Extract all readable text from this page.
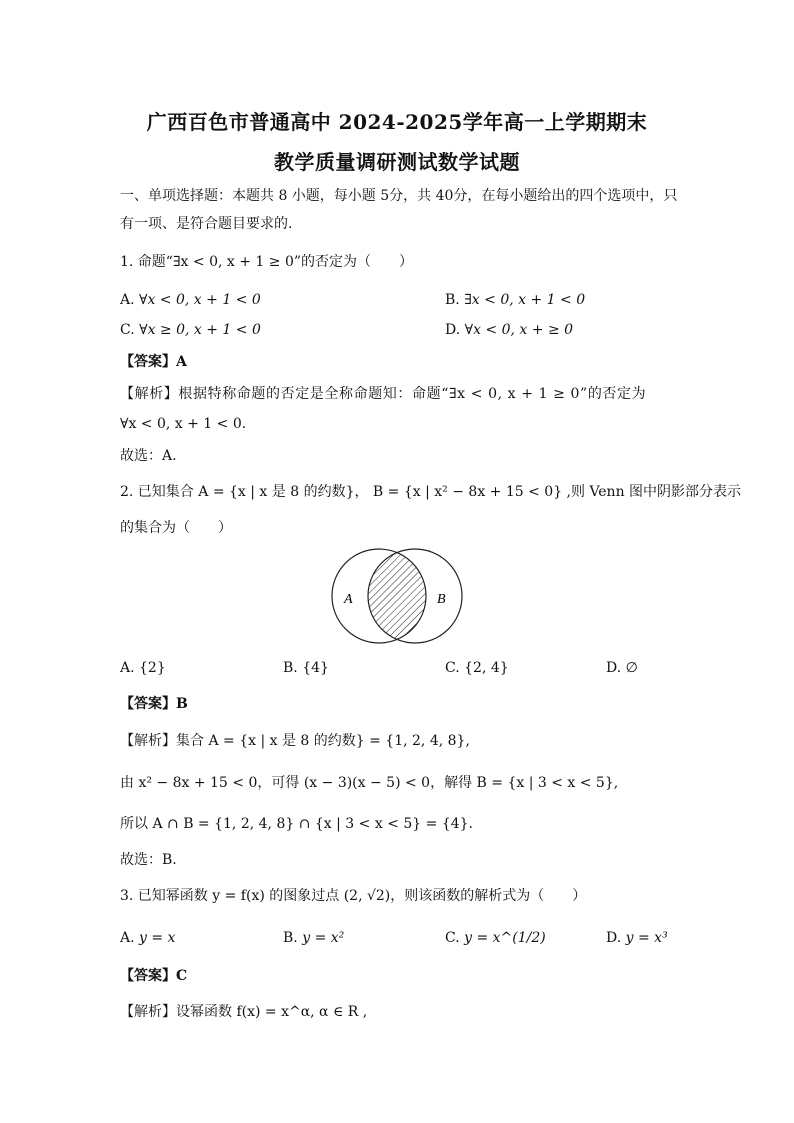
广西百色市普通高中 2024-2025学年高一上学期期末
教学质量调研测试数学试题
一、单项选择题：本题共 8 小题，每小题 5分，共 40分，在每小题给出的四个选项中，只
有一项、是符合题目要求的.
1. 命题“∃x < 0, x + 1 ≥ 0”的否定为（　　）
A. ∀x < 0, x + 1 < 0	B. ∃x < 0, x + 1 < 0
C. ∀x ≥ 0, x + 1 < 0	D. ∀x < 0, x + ≥ 0
【答案】A
【解析】根据特称命题的否定是全称命题知：命题“∃x < 0, x + 1 ≥ 0”的否定为
∀x < 0, x + 1 < 0.
故选：A.
2. 已知集合 A = {x | x 是 8 的约数}， B = {x | x² − 8x + 15 < 0} ,则 Venn 图中阴影部分表示
的集合为（　　）
A	B
A. {2}	B. {4}	C. {2, 4}	D. ∅
【答案】B
【解析】集合 A = {x | x 是 8 的约数} = {1, 2, 4, 8},
由 x² − 8x + 15 < 0，可得 (x − 3)(x − 5) < 0，解得 B = {x | 3 < x < 5},
所以 A ∩ B = {1, 2, 4, 8} ∩ {x | 3 < x < 5} = {4}.
故选：B.
3. 已知幂函数 y = f(x) 的图象过点 (2, √2)，则该函数的解析式为（　　）
A. y = x	B. y = x²	C. y = x^(1/2)	D. y = x³
【答案】C
【解析】设幂函数 f(x) = x^α, α ∈ R ,
